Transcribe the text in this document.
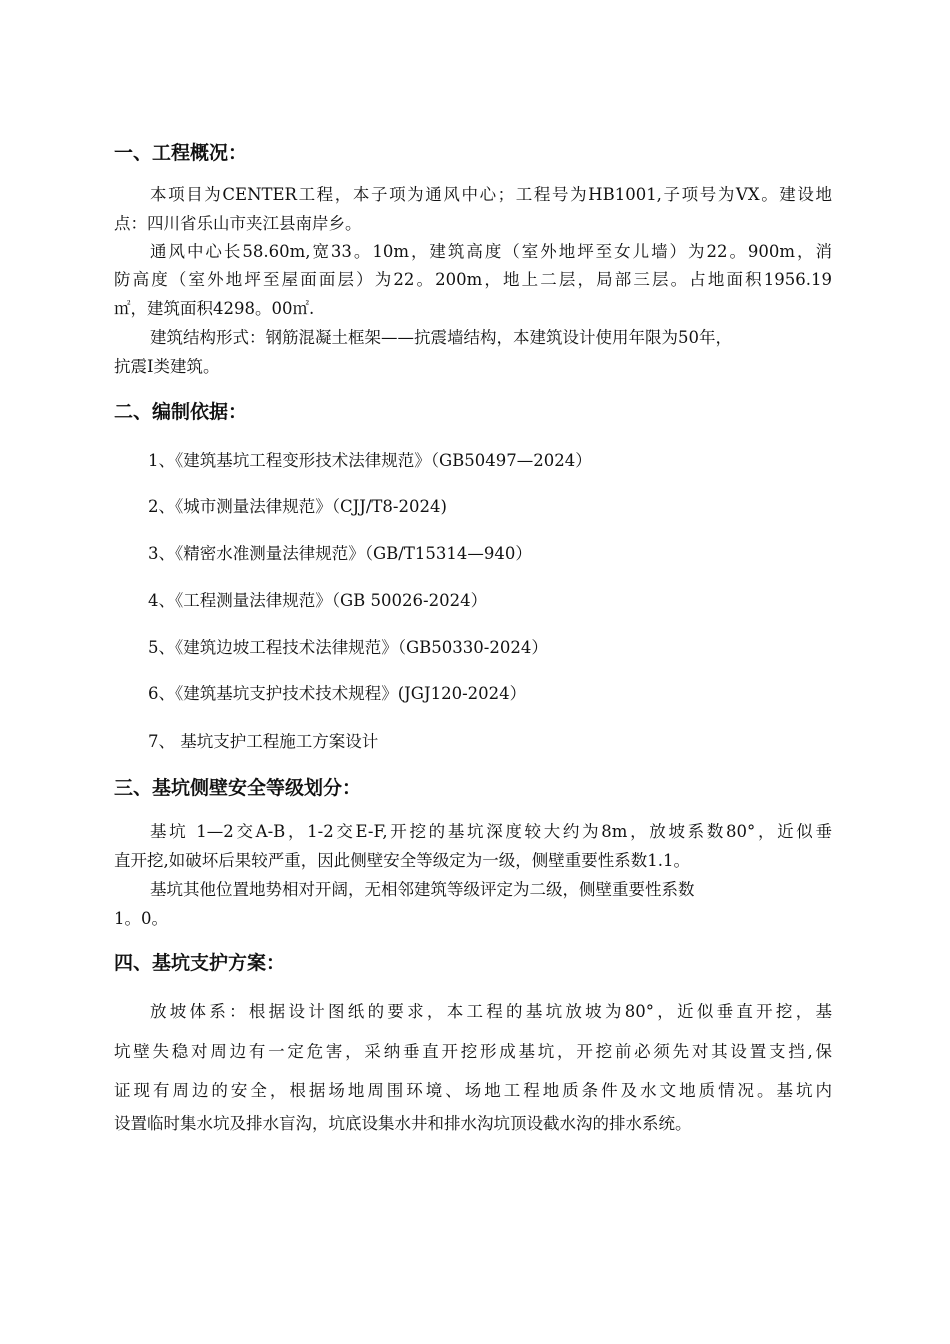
一、工程概况：

本项目为CENTER工程，本子项为通风中心；工程号为HB1001,子项号为VX。建设地

点：四川省乐山市夹江县南岸乡。

通风中心长58.60m,宽33。10m，建筑高度（室外地坪至女儿墙）为22。900m，消

防高度（室外地坪至屋面面层）为22。200m，地上二层，局部三层。占地面积1956.19

㎡，建筑面积4298。00㎡.

建筑结构形式：钢筋混凝土框架——抗震墙结构，本建筑设计使用年限为50年，

抗震Ⅰ类建筑。

二、编制依据：

1、《建筑基坑工程变形技术法律规范》（GB50497—2024）

2、《城市测量法律规范》（CJJ/T8-2024)

3、《精密水准测量法律规范》（GB/T15314—940）

4、《工程测量法律规范》（GB 50026-2024）

5、《建筑边坡工程技术法律规范》（GB50330-2024）

6、《建筑基坑支护技术技术规程》(JGJ120-2024）

7、 基坑支护工程施工方案设计

三、基坑侧壁安全等级划分：

基坑 1—2交A-B，1-2交E-F,开挖的基坑深度较大约为8m，放坡系数80°，近似垂

直开挖,如破坏后果较严重，因此侧壁安全等级定为一级，侧壁重要性系数1.1。

基坑其他位置地势相对开阔，无相邻建筑等级评定为二级，侧壁重要性系数

1。0。

四、基坑支护方案：

放坡体系：根据设计图纸的要求，本工程的基坑放坡为80°，近似垂直开挖，基

坑壁失稳对周边有一定危害，采纳垂直开挖形成基坑，开挖前必须先对其设置支挡,保

证现有周边的安全，根据场地周围环境、场地工程地质条件及水文地质情况。基坑内

设置临时集水坑及排水盲沟，坑底设集水井和排水沟坑顶设截水沟的排水系统。
